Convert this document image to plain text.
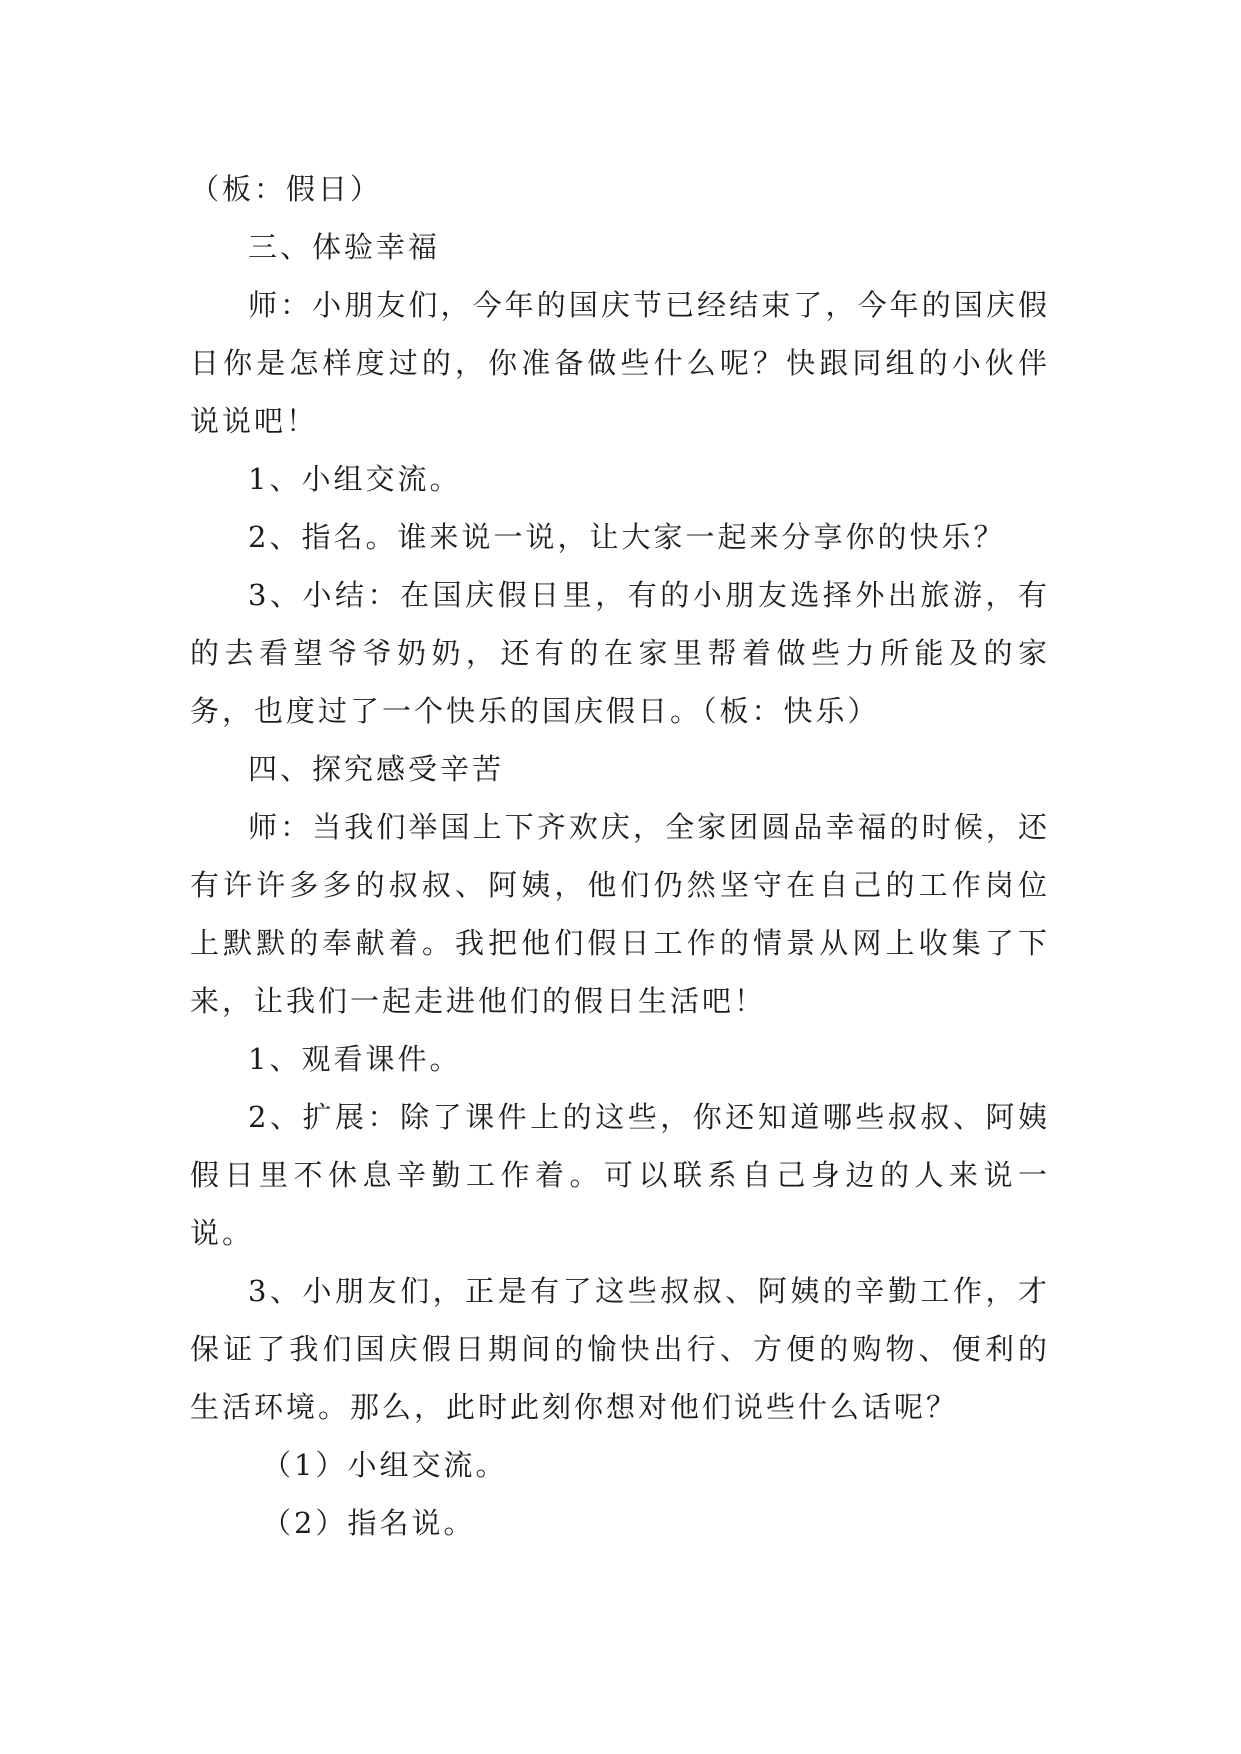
（板：假日）

三、体验幸福

师：小朋友们，今年的国庆节已经结束了，今年的国庆假日你是怎样度过的，你准备做些什么呢？快跟同组的小伙伴说说吧！

1、小组交流。

2、指名。谁来说一说，让大家一起来分享你的快乐？

3、小结：在国庆假日里，有的小朋友选择外出旅游，有的去看望爷爷奶奶，还有的在家里帮着做些力所能及的家务，也度过了一个快乐的国庆假日。（板：快乐）

四、探究感受辛苦

师：当我们举国上下齐欢庆，全家团圆品幸福的时候，还有许许多多的叔叔、阿姨，他们仍然坚守在自己的工作岗位上默默的奉献着。我把他们假日工作的情景从网上收集了下来，让我们一起走进他们的假日生活吧！

1、观看课件。

2、扩展：除了课件上的这些，你还知道哪些叔叔、阿姨假日里不休息辛勤工作着。可以联系自己身边的人来说一说。

3、小朋友们，正是有了这些叔叔、阿姨的辛勤工作，才保证了我们国庆假日期间的愉快出行、方便的购物、便利的生活环境。那么，此时此刻你想对他们说些什么话呢？

（1）小组交流。

（2）指名说。
